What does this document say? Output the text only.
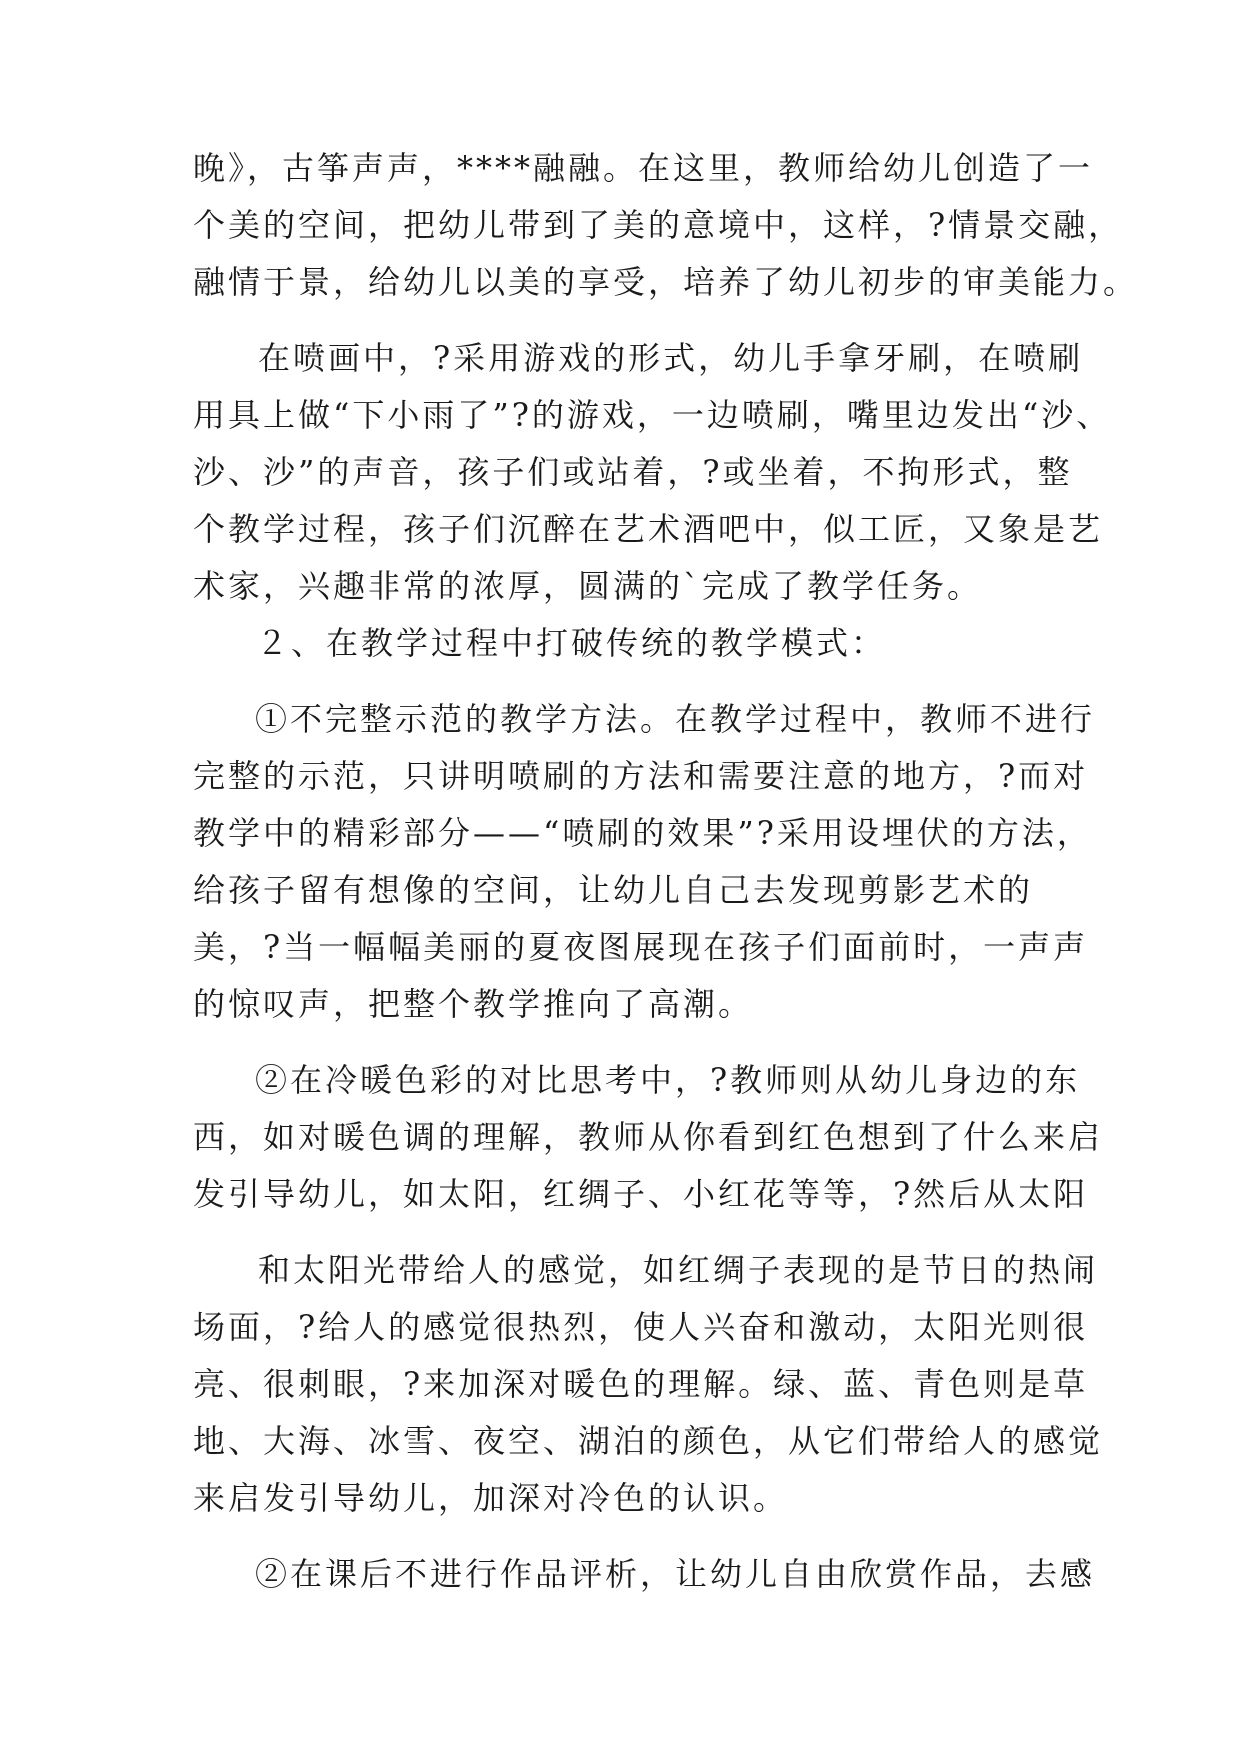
晚》，古筝声声，****融融。在这里，教师给幼儿创造了一

个美的空间，把幼儿带到了美的意境中，这样，?情景交融，

融情于景，给幼儿以美的享受，培养了幼儿初步的审美能力。

在喷画中，?采用游戏的形式，幼儿手拿牙刷，在喷刷

用具上做“下小雨了”?的游戏，一边喷刷，嘴里边发出“沙、

沙、沙”的声音，孩子们或站着，?或坐着，不拘形式，整

个教学过程，孩子们沉醉在艺术酒吧中，似工匠，又象是艺

术家，兴趣非常的浓厚，圆满的`完成了教学任务。

２、在教学过程中打破传统的教学模式：

①不完整示范的教学方法。在教学过程中，教师不进行

完整的示范，只讲明喷刷的方法和需要注意的地方，?而对

教学中的精彩部分——“喷刷的效果”?采用设埋伏的方法，

给孩子留有想像的空间，让幼儿自己去发现剪影艺术的

美，?当一幅幅美丽的夏夜图展现在孩子们面前时，一声声

的惊叹声，把整个教学推向了高潮。

②在冷暖色彩的对比思考中，?教师则从幼儿身边的东

西，如对暖色调的理解，教师从你看到红色想到了什么来启

发引导幼儿，如太阳，红绸子、小红花等等，?然后从太阳

和太阳光带给人的感觉，如红绸子表现的是节日的热闹

场面，?给人的感觉很热烈，使人兴奋和激动，太阳光则很

亮、很刺眼，?来加深对暖色的理解。绿、蓝、青色则是草

地、大海、冰雪、夜空、湖泊的颜色，从它们带给人的感觉

来启发引导幼儿，加深对冷色的认识。

②在课后不进行作品评析，让幼儿自由欣赏作品，去感
